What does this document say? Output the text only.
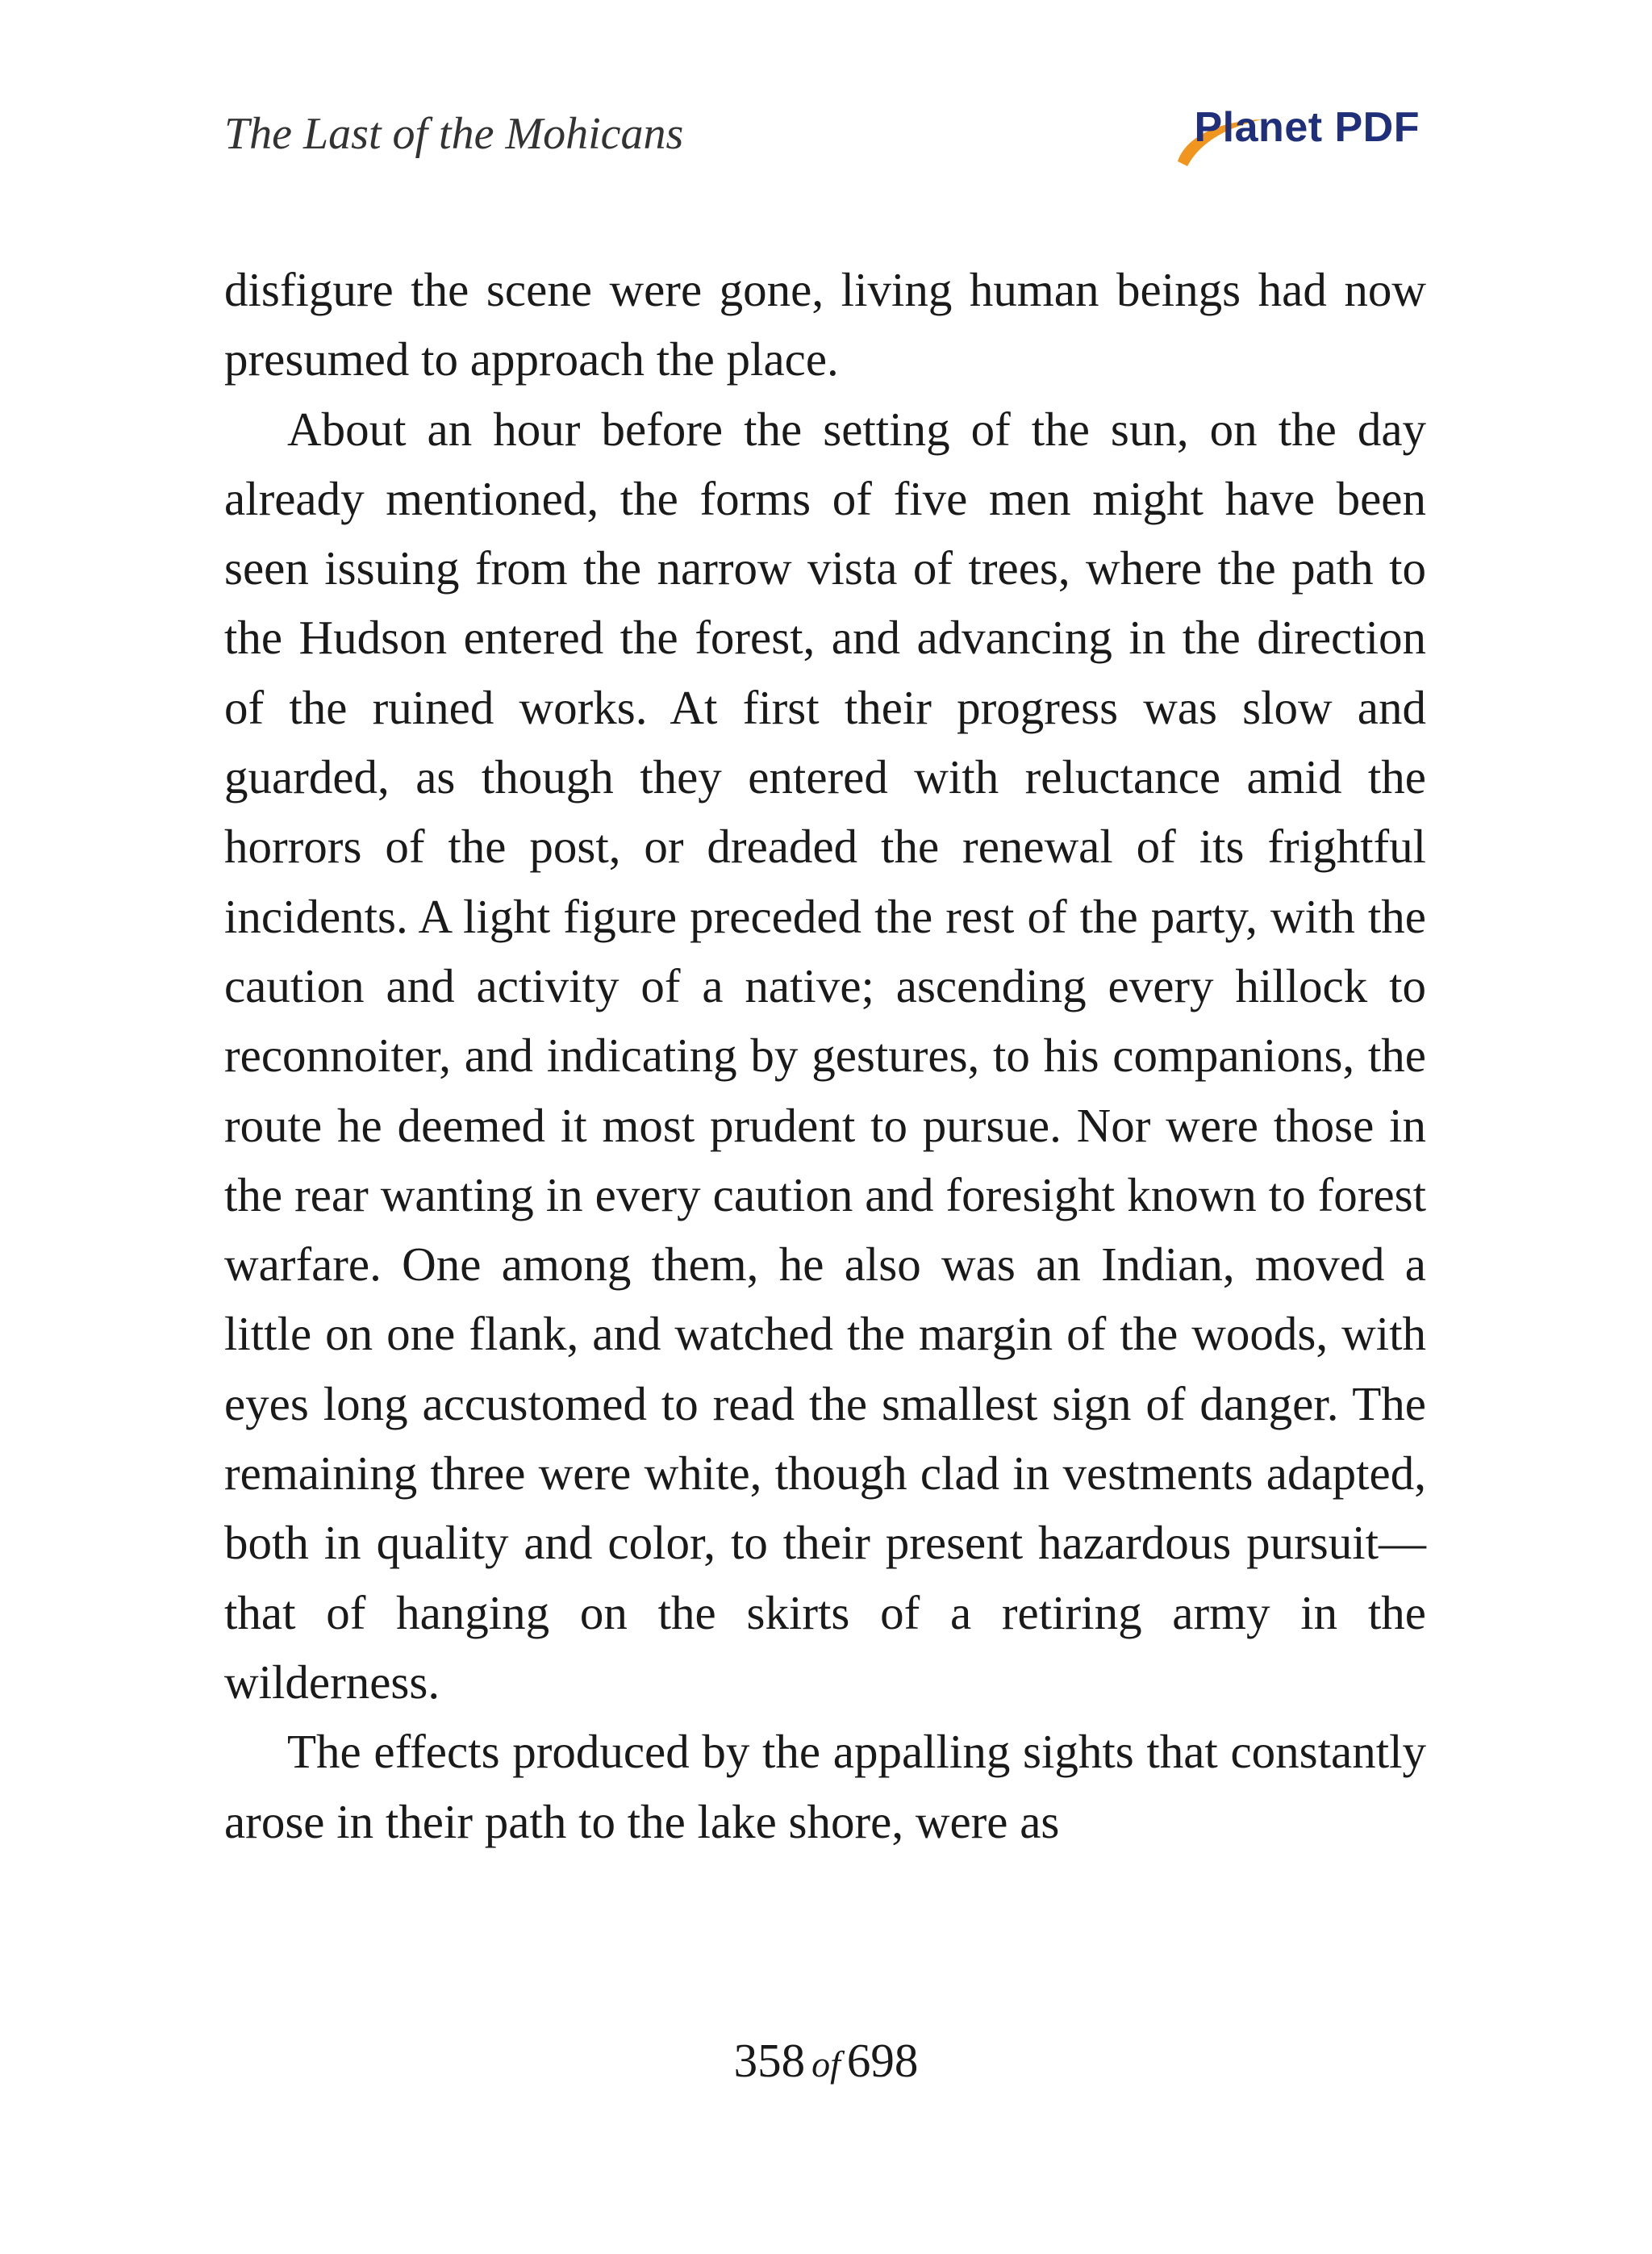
The Last of the Mohicans	Planet PDF

disfigure the scene were gone, living human beings had now presumed to approach the place.

About an hour before the setting of the sun, on the day already mentioned, the forms of five men might have been seen issuing from the narrow vista of trees, where the path to the Hudson entered the forest, and advancing in the direction of the ruined works. At first their progress was slow and guarded, as though they entered with reluctance amid the horrors of the post, or dreaded the renewal of its frightful incidents. A light figure preceded the rest of the party, with the caution and activity of a native; ascending every hillock to reconnoiter, and indicating by gestures, to his companions, the route he deemed it most prudent to pursue. Nor were those in the rear wanting in every caution and foresight known to forest warfare. One among them, he also was an Indian, moved a little on one flank, and watched the margin of the woods, with eyes long accustomed to read the smallest sign of danger. The remaining three were white, though clad in vestments adapted, both in quality and color, to their present hazardous pursuit—that of hanging on the skirts of a retiring army in the wilderness.

The effects produced by the appalling sights that constantly arose in their path to the lake shore, were as

358 of 698
